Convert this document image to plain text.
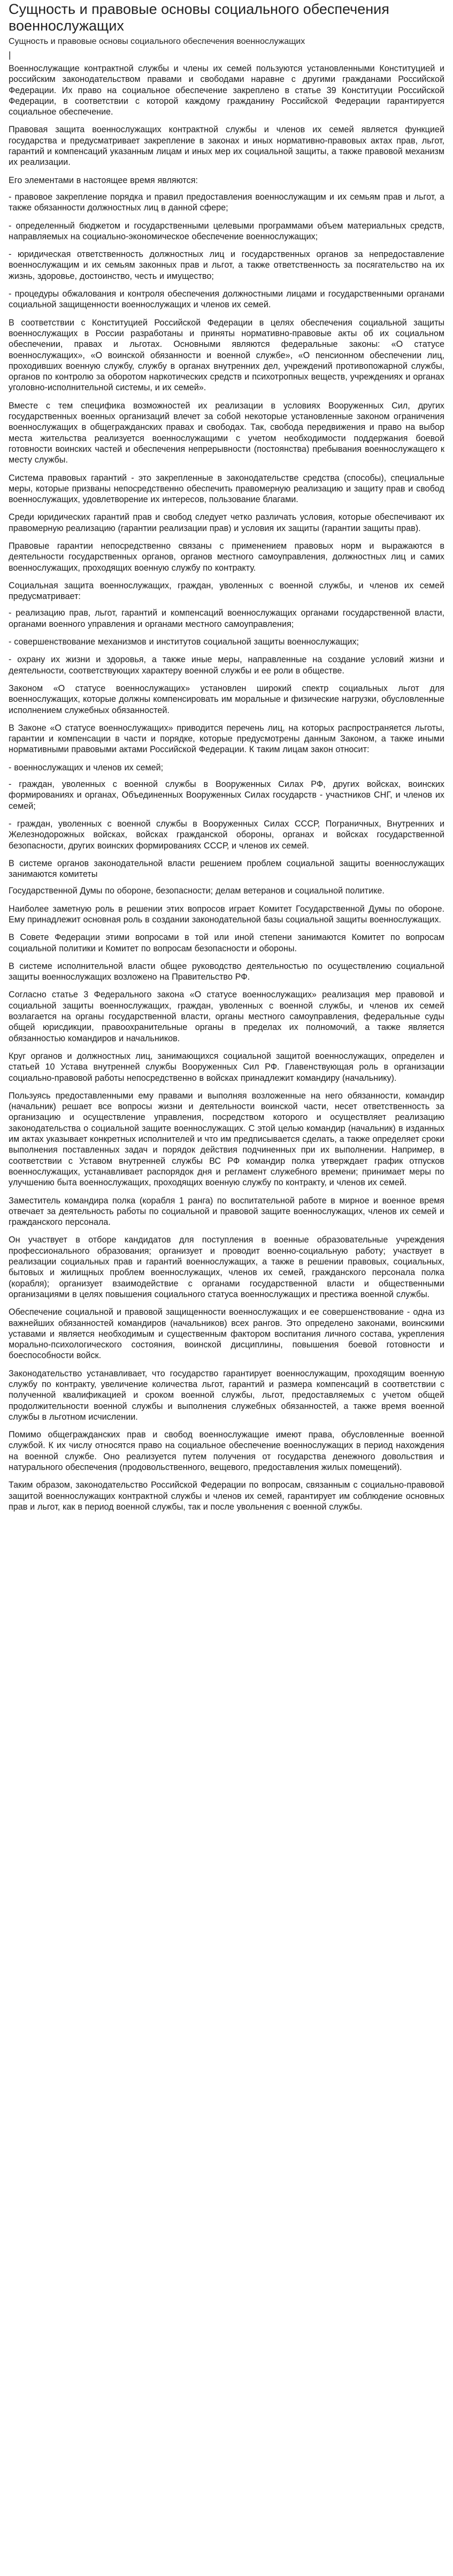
Сущность и правовые основы социального обеспечения военнослужащих
Сущность и правовые основы социального обеспечения военнослужащих
|

Военнослужащие контрактной службы и члены их семей пользуются установленными Конституцией и российским законодательством правами и свободами наравне с другими гражданами Российской Федерации. Их право на социальное обеспечение закреплено в статье 39 Конституции Российской Федерации, в соответствии с которой каждому гражданину Российской Федерации гарантируется социальное обеспечение.

Правовая защита военнослужащих контрактной службы и членов их семей является функцией государства и предусматривает закрепление в законах и иных нормативно-правовых актах прав, льгот, гарантий и компенсаций указанным лицам и иных мер их социальной защиты, а также правовой механизм их реализации.

Его элементами в настоящее время являются:

- правовое закрепление порядка и правил предоставления военнослужащим и их семьям прав и льгот, а также обязанности должностных лиц в данной сфере;

- определенный бюджетом и государственными целевыми программами объем материальных средств, направляемых на социально-экономическое обеспечение военнослужащих;

- юридическая ответственность должностных лиц и государственных органов за непредоставление военнослужащим и их семьям законных прав и льгот, а также ответственность за посягательство на их жизнь, здоровье, достоинство, честь и имущество;

- процедуры обжалования и контроля обеспечения должностными лицами и государственными органами социальной защищенности военнослужащих и членов их семей.

В соответствии с Конституцией Российской Федерации в целях обеспечения социальной защиты военнослужащих в России разработаны и приняты нормативно-правовые акты об их социальном обеспечении, правах и льготах. Основными являются федеральные законы: «О статусе военнослужащих», «О воинской обязанности и военной службе», «О пенсионном обеспечении лиц, проходивших военную службу, службу в органах внутренних дел, учреждений противопожарной службы, органов по контролю за оборотом наркотических средств и психотропных веществ, учреждениях и органах уголовно-исполнительной системы, и их семей».

Вместе с тем специфика возможностей их реализации в условиях Вооруженных Сил, других государственных военных организаций влечет за собой некоторые установленные законом ограничения военнослужащих в общегражданских правах и свободах. Так, свобода передвижения и право на выбор места жительства реализуется военнослужащими с учетом необходимости поддержания боевой готовности воинских частей и обеспечения непрерывности (постоянства) пребывания военнослужащего к месту службы.

Система правовых гарантий - это закрепленные в законодательстве средства (способы), специальные меры, которые призваны непосредственно обеспечить правомерную реализацию и защиту прав и свобод военнослужащих, удовлетворение их интересов, пользование благами.

Среди юридических гарантий прав и свобод следует четко различать условия, которые обеспечивают их правомерную реализацию (гарантии реализации прав) и условия их защиты (гарантии защиты прав).

Правовые гарантии непосредственно связаны с применением правовых норм и выражаются в деятельности государственных органов, органов местного самоуправления, должностных лиц и самих военнослужащих, проходящих военную службу по контракту.

Социальная защита военнослужащих, граждан, уволенных с военной службы, и членов их семей предусматривает:

- реализацию прав, льгот, гарантий и компенсаций военнослужащих органами государственной власти, органами военного управления и органами местного самоуправления;

- совершенствование механизмов и институтов социальной защиты военнослужащих;

- охрану их жизни и здоровья, а также иные меры, направленные на создание условий жизни и деятельности, соответствующих характеру военной службы и ее роли в обществе.

Законом «О статусе военнослужащих» установлен широкий спектр социальных льгот для военнослужащих, которые должны компенсировать им моральные и физические нагрузки, обусловленные исполнением служебных обязанностей.

В Законе «О статусе военнослужащих» приводится перечень лиц, на которых распространяется льготы, гарантии и компенсации в части и порядке, которые предусмотрены данным Законом, а также иными нормативными правовыми актами Российской Федерации. К таким лицам закон относит:

- военнослужащих и членов их семей;

- граждан, уволенных с военной службы в Вооруженных Силах РФ, других войсках, воинских формированиях и органах, Объединенных Вооруженных Силах государств - участников СНГ, и членов их семей;

- граждан, уволенных с военной службы в Вооруженных Силах СССР, Пограничных, Внутренних и Железнодорожных войсках, войсках гражданской обороны, органах и войсках государственной безопасности, других воинских формированиях СССР, и членов их семей.

В системе органов законодательной власти решением проблем социальной защиты военнослужащих занимаются комитеты

Государственной Думы по обороне, безопасности; делам ветеранов и социальной политике.

Наиболее заметную роль в решении этих вопросов играет Комитет Государственной Думы по обороне. Ему принадлежит основная роль в создании законодательной базы социальной защиты военнослужащих.

В Совете Федерации этими вопросами в той или иной степени занимаются Комитет по вопросам социальной политики и Комитет по вопросам безопасности и обороны.

В системе исполнительной власти общее руководство деятельностью по осуществлению социальной защиты военнослужащих возложено на Правительство РФ.

Согласно статье 3 Федерального закона «О статусе военнослужащих» реализация мер правовой и социальной защиты военнослужащих, граждан, уволенных с военной службы, и членов их семей возлагается на органы государственной власти, органы местного самоуправления, федеральные суды общей юрисдикции, правоохранительные органы в пределах их полномочий, а также является обязанностью командиров и начальников.

Круг органов и должностных лиц, занимающихся социальной защитой военнослужащих, определен и статьей 10 Устава внутренней службы Вооруженных Сил РФ. Главенствующая роль в организации социально-правовой работы непосредственно в войсках принадлежит командиру (начальнику).

Пользуясь предоставленными ему правами и выполняя возложенные на него обязанности, командир (начальник) решает все вопросы жизни и деятельности воинской части, несет ответственность за организацию и осуществление управления, посредством которого и осуществляет реализацию законодательства о социальной защите военнослужащих. С этой целью командир (начальник) в изданных им актах указывает конкретных исполнителей и что им предписывается сделать, а также определяет сроки выполнения поставленных задач и порядок действия подчиненных при их выполнении. Например, в соответствии с Уставом внутренней службы ВС РФ командир полка утверждает график отпусков военнослужащих, устанавливает распорядок дня и регламент служебного времени; принимает меры по улучшению быта военнослужащих, проходящих военную службу по контракту, и членов их семей.

Заместитель командира полка (корабля 1 ранга) по воспитательной работе в мирное и военное время отвечает за деятельность работы по социальной и правовой защите военнослужащих, членов их семей и гражданского персонала.

Он участвует в отборе кандидатов для поступления в военные образовательные учреждения профессионального образования; организует и проводит военно-социальную работу; участвует в реализации социальных прав и гарантий военнослужащих, а также в решении правовых, социальных, бытовых и жилищных проблем военнослужащих, членов их семей, гражданского персонала полка (корабля); организует взаимодействие с органами государственной власти и общественными организациями в целях повышения социального статуса военнослужащих и престижа военной службы.

Обеспечение социальной и правовой защищенности военнослужащих и ее совершенствование - одна из важнейших обязанностей командиров (начальников) всех рангов. Это определено законами, воинскими уставами и является необходимым и существенным фактором воспитания личного состава, укрепления морально-психологического состояния, воинской дисциплины, повышения боевой готовности и боеспособности войск.

Законодательство устанавливает, что государство гарантирует военнослужащим, проходящим военную службу по контракту, увеличение количества льгот, гарантий и размера компенсаций в соответствии с полученной квалификацией и сроком военной службы, льгот, предоставляемых с учетом общей продолжительности военной службы и выполнения служебных обязанностей, а также время военной службы в льготном исчислении.

Помимо общегражданских прав и свобод военнослужащие имеют права, обусловленные военной службой. К их числу относятся право на социальное обеспечение военнослужащих в период нахождения на военной службе. Оно реализуется путем получения от государства денежного довольствия и натурального обеспечения (продовольственного, вещевого, предоставления жилых помещений).

Таким образом, законодательство Российской Федерации по вопросам, связанным с социально-правовой защитой военнослужащих контрактной службы и членов их семей, гарантирует им соблюдение основных прав и льгот, как в период военной службы, так и после увольнения с военной службы.
